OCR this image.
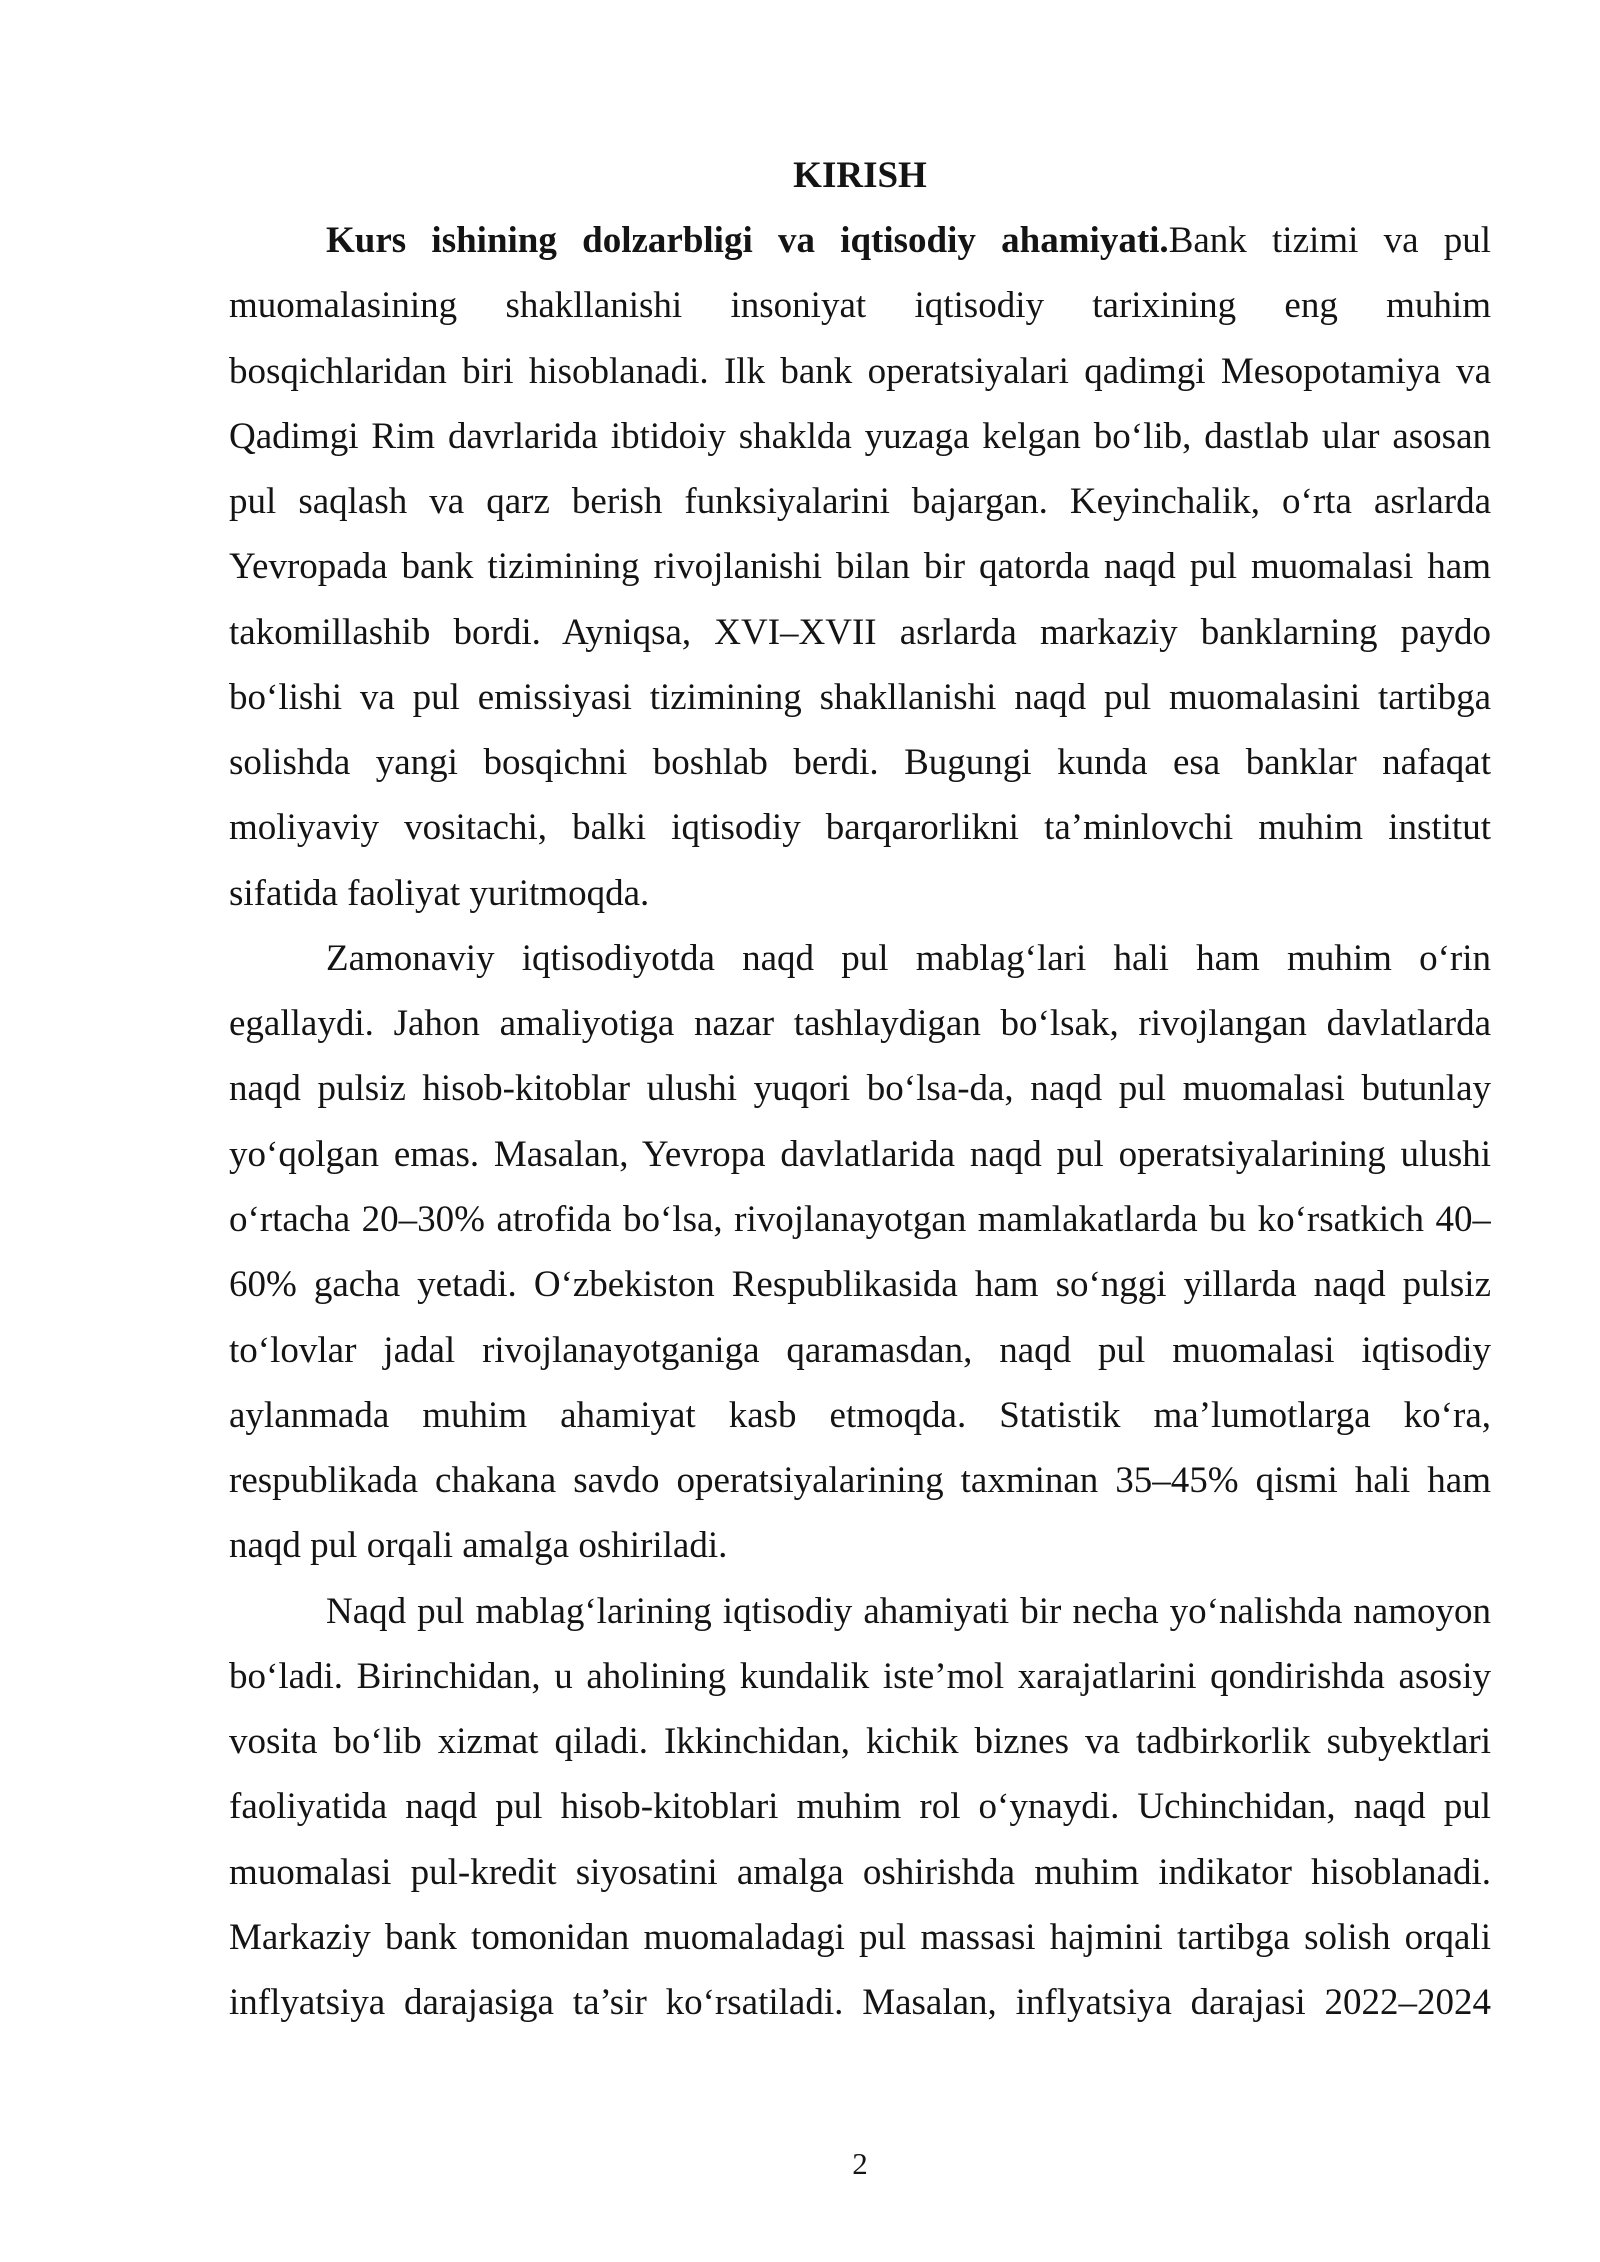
KIRISH
Kurs ishining dolzarbligi va iqtisodiy ahamiyati.Bank tizimi va pul
muomalasining shakllanishi insoniyat iqtisodiy tarixining eng muhim
bosqichlaridan biri hisoblanadi. Ilk bank operatsiyalari qadimgi Mesopotamiya va
Qadimgi Rim davrlarida ibtidoiy shaklda yuzaga kelgan bo‘lib, dastlab ular asosan
pul saqlash va qarz berish funksiyalarini bajargan. Keyinchalik, o‘rta asrlarda
Yevropada bank tizimining rivojlanishi bilan bir qatorda naqd pul muomalasi ham
takomillashib bordi. Ayniqsa, XVI–XVII asrlarda markaziy banklarning paydo
bo‘lishi va pul emissiyasi tizimining shakllanishi naqd pul muomalasini tartibga
solishda yangi bosqichni boshlab berdi. Bugungi kunda esa banklar nafaqat
moliyaviy vositachi, balki iqtisodiy barqarorlikni ta’minlovchi muhim institut
sifatida faoliyat yuritmoqda.
Zamonaviy iqtisodiyotda naqd pul mablag‘lari hali ham muhim o‘rin
egallaydi. Jahon amaliyotiga nazar tashlaydigan bo‘lsak, rivojlangan davlatlarda
naqd pulsiz hisob-kitoblar ulushi yuqori bo‘lsa-da, naqd pul muomalasi butunlay
yo‘qolgan emas. Masalan, Yevropa davlatlarida naqd pul operatsiyalarining ulushi
o‘rtacha 20–30% atrofida bo‘lsa, rivojlanayotgan mamlakatlarda bu ko‘rsatkich 40–
60% gacha yetadi. O‘zbekiston Respublikasida ham so‘nggi yillarda naqd pulsiz
to‘lovlar jadal rivojlanayotganiga qaramasdan, naqd pul muomalasi iqtisodiy
aylanmada muhim ahamiyat kasb etmoqda. Statistik ma’lumotlarga ko‘ra,
respublikada chakana savdo operatsiyalarining taxminan 35–45% qismi hali ham
naqd pul orqali amalga oshiriladi.
Naqd pul mablag‘larining iqtisodiy ahamiyati bir necha yo‘nalishda namoyon
bo‘ladi. Birinchidan, u aholining kundalik iste’mol xarajatlarini qondirishda asosiy
vosita bo‘lib xizmat qiladi. Ikkinchidan, kichik biznes va tadbirkorlik subyektlari
faoliyatida naqd pul hisob-kitoblari muhim rol o‘ynaydi. Uchinchidan, naqd pul
muomalasi pul-kredit siyosatini amalga oshirishda muhim indikator hisoblanadi.
Markaziy bank tomonidan muomaladagi pul massasi hajmini tartibga solish orqali
inflyatsiya darajasiga ta’sir ko‘rsatiladi. Masalan, inflyatsiya darajasi 2022–2024
2
